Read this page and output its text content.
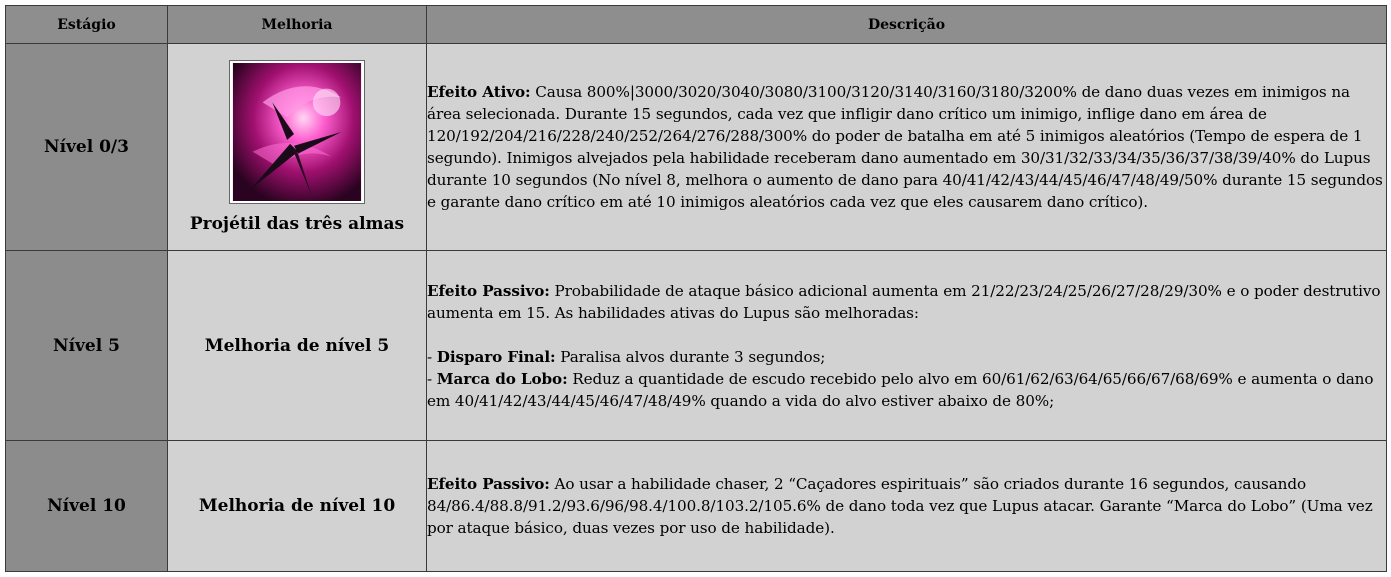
Estágio	Melhoria	Descrição
Nível 0/3	Projétil das três almas	Efeito Ativo: Causa 800%|3000/3020/3040/3080/3100/3120/3140/3160/3180/3200% de dano duas vezes em inimigos na área selecionada. Durante 15 segundos, cada vez que infligir dano crítico um inimigo, inflige dano em área de 120/192/204/216/228/240/252/264/276/288/300% do poder de batalha em até 5 inimigos aleatórios (Tempo de espera de 1 segundo). Inimigos alvejados pela habilidade receberam dano aumentado em 30/31/32/33/34/35/36/37/38/39/40% do Lupus durante 10 segundos (No nível 8, melhora o aumento de dano para 40/41/42/43/44/45/46/47/48/49/50% durante 15 segundos e garante dano crítico em até 10 inimigos aleatórios cada vez que eles causarem dano crítico).

Nível 5	Melhoria de nível 5	Efeito Passivo: Probabilidade de ataque básico adicional aumenta em 21/22/23/24/25/26/27/28/29/30% e o poder destrutivo aumenta em 15. As habilidades ativas do Lupus são melhoradas:
- Disparo Final: Paralisa alvos durante 3 segundos;
- Marca do Lobo: Reduz a quantidade de escudo recebido pelo alvo em 60/61/62/63/64/65/66/67/68/69% e aumenta o dano em 40/41/42/43/44/45/46/47/48/49% quando a vida do alvo estiver abaixo de 80%;

Nível 10	Melhoria de nível 10	Efeito Passivo: Ao usar a habilidade chaser, 2 “Caçadores espirituais” são criados durante 16 segundos, causando 84/86.4/88.8/91.2/93.6/96/98.4/100.8/103.2/105.6% de dano toda vez que Lupus atacar. Garante “Marca do Lobo” (Uma vez por ataque básico, duas vezes por uso de habilidade).
